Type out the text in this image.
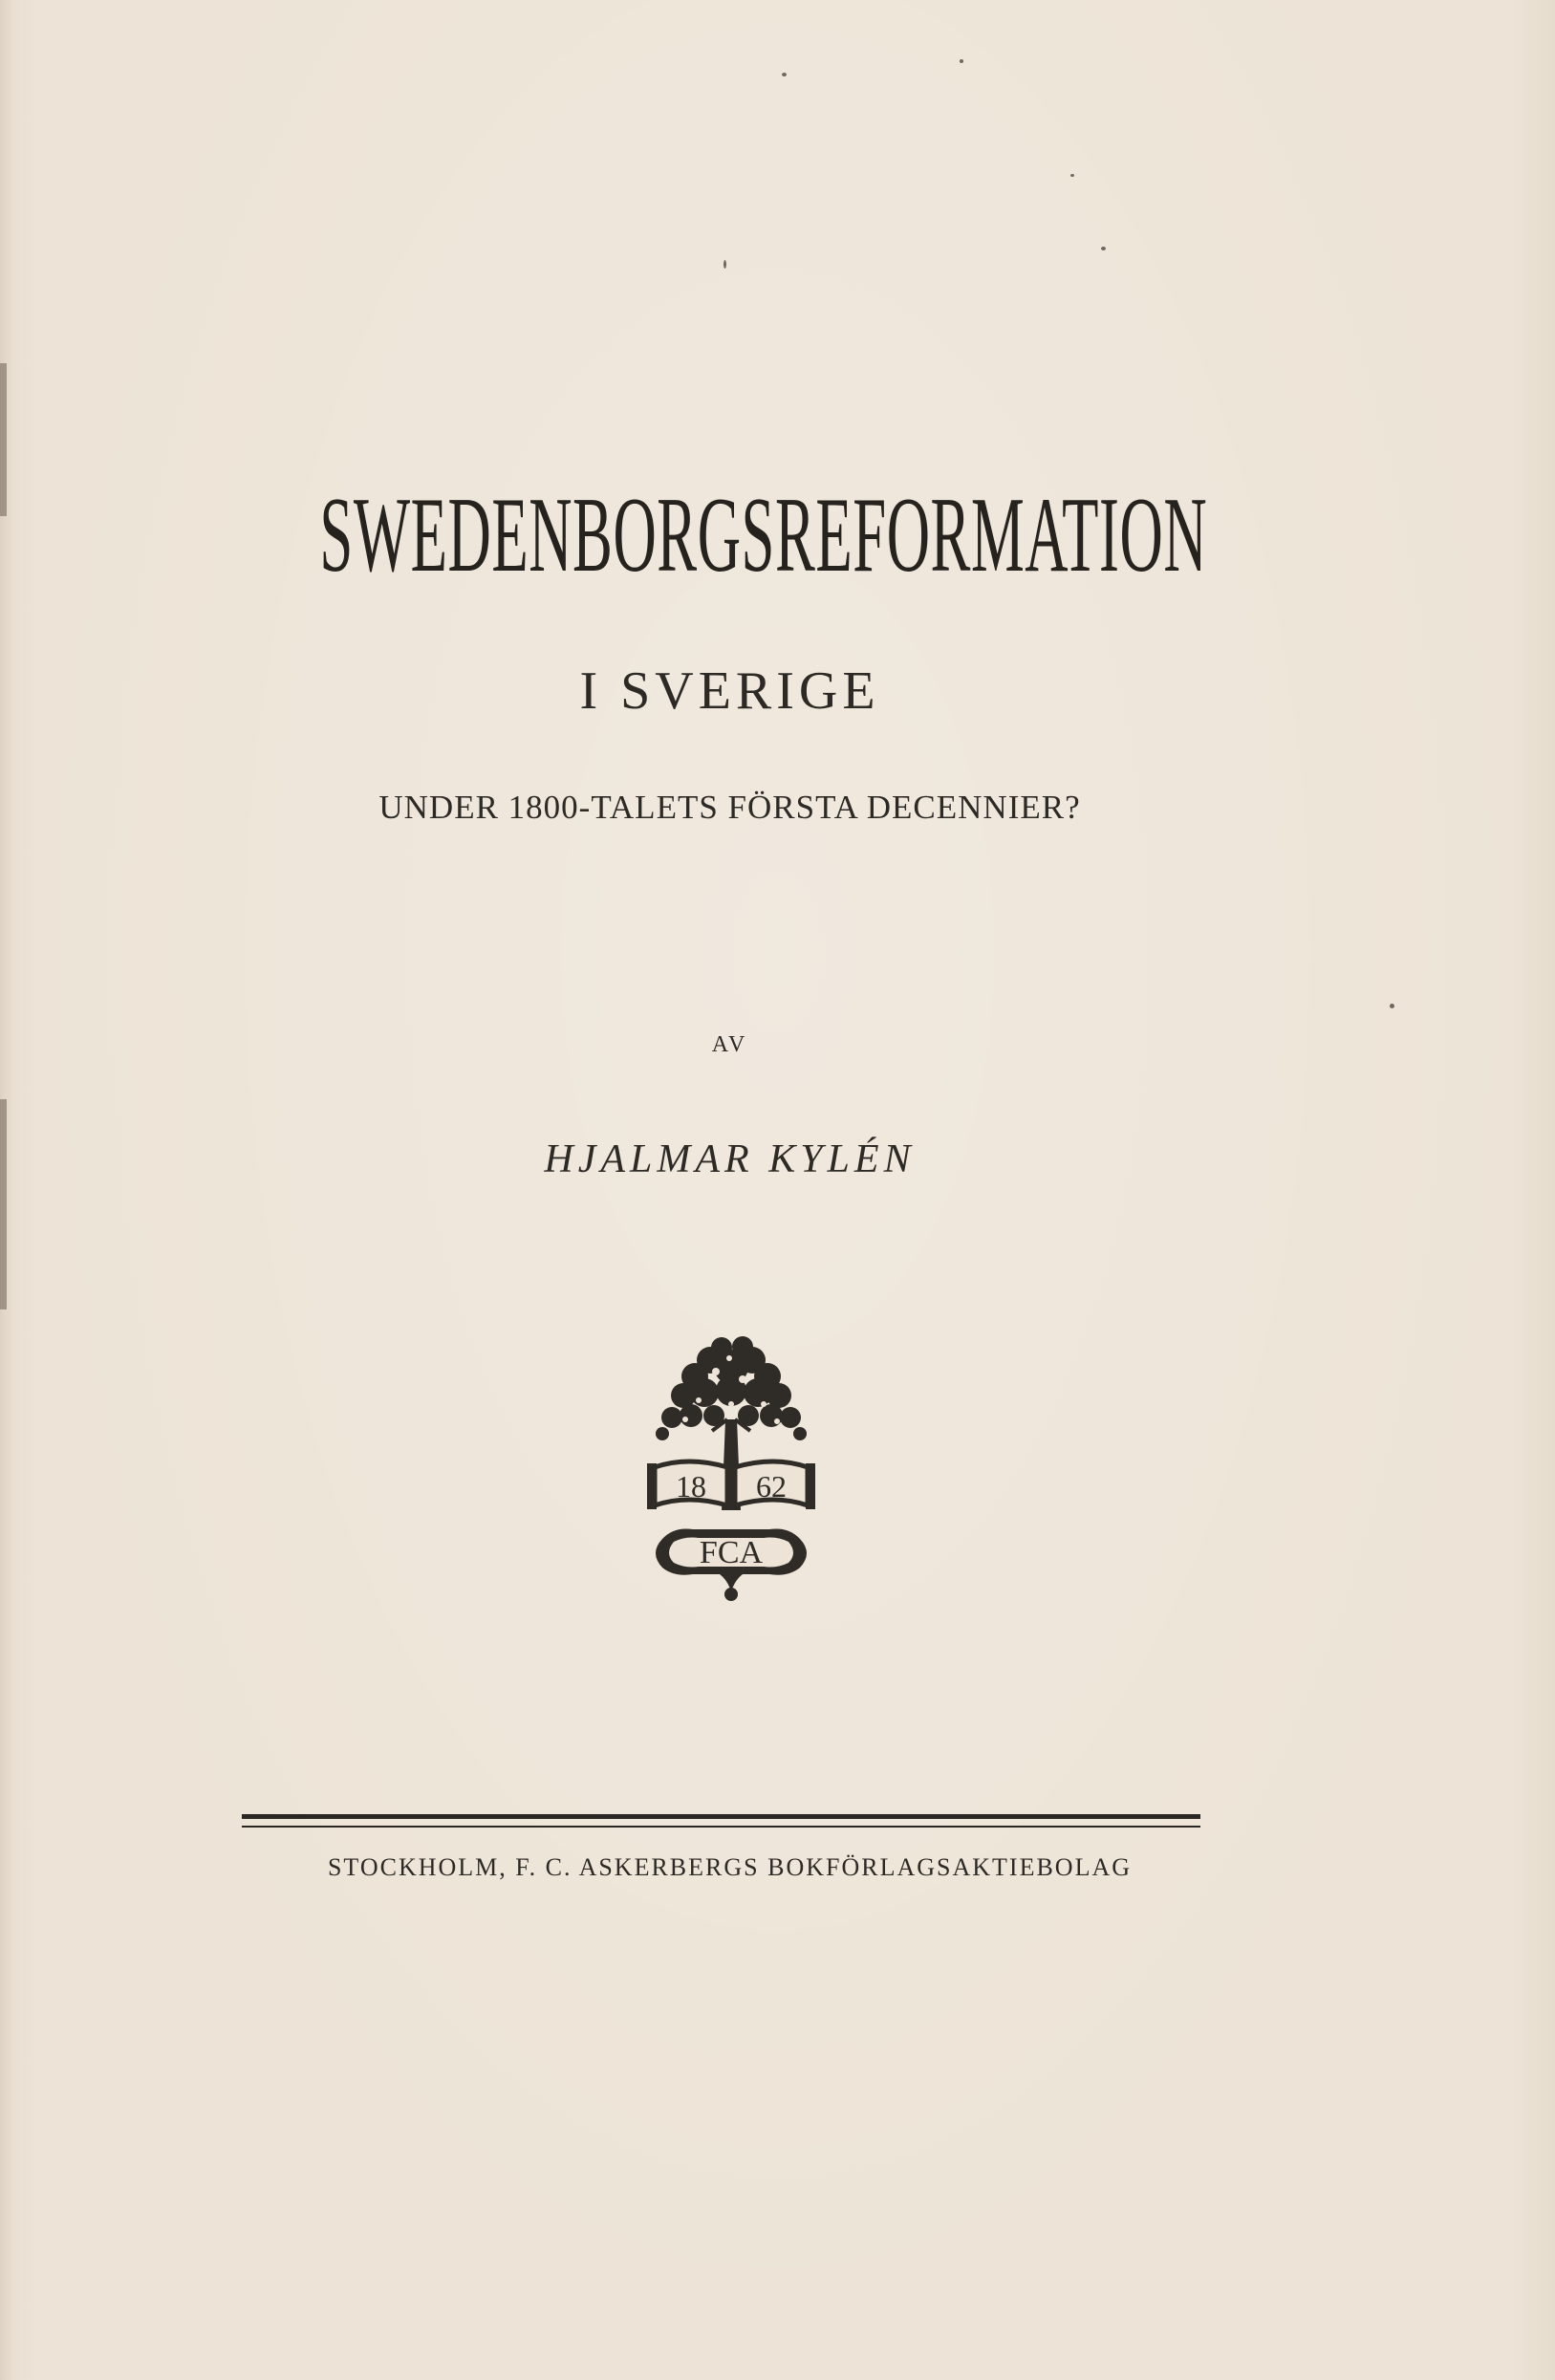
SWEDENBORGSREFORMATION
I SVERIGE
UNDER 1800-TALETS FÖRSTA DECENNIER?
AV
HJALMAR KYLÉN
18 62
FCA
STOCKHOLM, F. C. ASKERBERGS BOKFÖRLAGSAKTIEBOLAG
